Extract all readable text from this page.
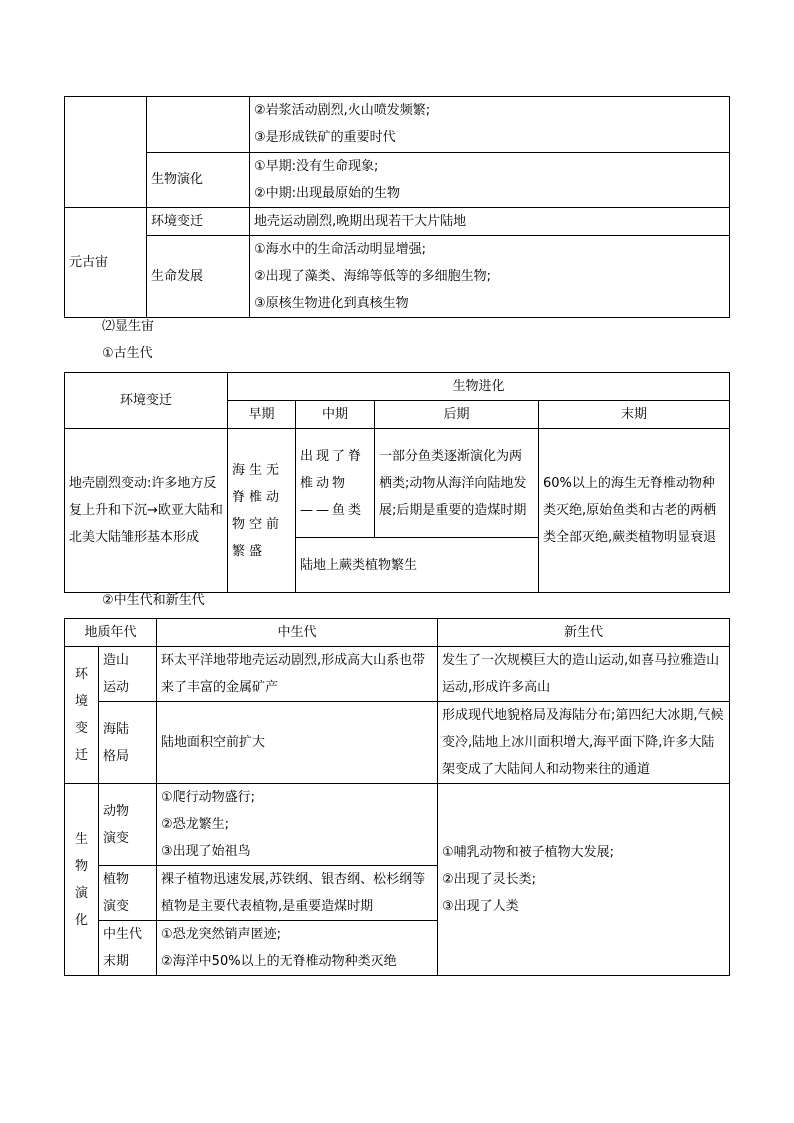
		②岩浆活动剧烈,火山喷发频繁;
③是形成铁矿的重要时代

	生物演化	①早期:没有生命现象;
②中期:出现最原始的生物

元古宙	环境变迁	地壳运动剧烈,晚期出现若干大片陆地
	生命发展	①海水中的生命活动明显增强;
②出现了藻类、海绵等低等的多细胞生物;
③原核生物进化到真核生物
⑵显生宙
①古生代
环境变迁	生物进化			
	早期	中期	后期	末期
地壳剧烈变动:许多地方反复上升和下沉→欧亚大陆和北美大陆雏形基本形成	海生无脊椎动物空前繁盛	出现了脊椎动物——鱼类	一部分鱼类逐渐演化为两栖类;动物从海洋向陆地发展;后期是重要的造煤时期	60%以上的海生无脊椎动物种类灭绝,原始鱼类和古老的两栖类全部灭绝,蕨类植物明显衰退
		陆地上蕨类植物繁生		
②中生代和新生代
地质年代		中生代	新生代

环
境
变
迁	造山
运动	环太平洋地带地壳运动剧烈,形成高大山系也带来了丰富的金属矿产	发生了一次规模巨大的造山运动,如喜马拉雅造山运动,形成许多高山

	海陆
格局	陆地面积空前扩大	形成现代地貌格局及海陆分布;第四纪大冰期,气候变冷,陆地上冰川面积增大,海平面下降,许多大陆架变成了大陆间人和动物来往的通道

生
物
演
化	动物
演变	①爬行动物盛行;
②恐龙繁生;
③出现了始祖鸟	①哺乳动物和被子植物大发展;
②出现了灵长类;
③出现了人类

	植物
演变	裸子植物迅速发展,苏铁纲、银杏纲、松杉纲等植物是主要代表植物,是重要造煤时期	

	中生代
末期	①恐龙突然销声匿迹;
②海洋中50%以上的无脊椎动物种类灭绝	
